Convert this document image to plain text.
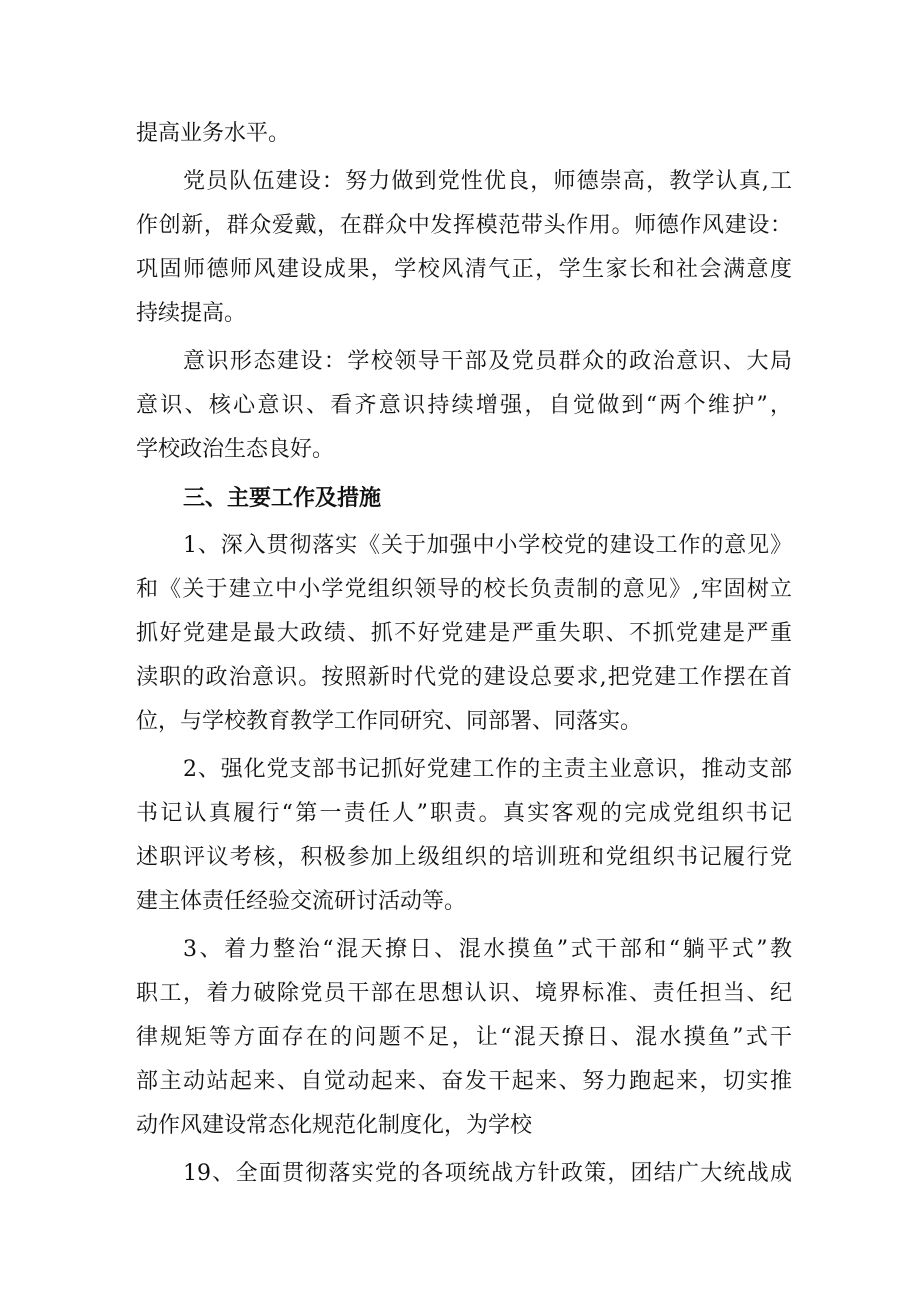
提高业务水平。
党员队伍建设：努力做到党性优良，师德崇高，教学认真,工
作创新，群众爱戴，在群众中发挥模范带头作用。师德作风建设：
巩固师德师风建设成果，学校风清气正，学生家长和社会满意度
持续提高。
意识形态建设：学校领导干部及党员群众的政治意识、大局
意识、核心意识、看齐意识持续增强，自觉做到“两个维护”，
学校政治生态良好。
三、主要工作及措施
1、深入贯彻落实《关于加强中小学校党的建设工作的意见》
和《关于建立中小学党组织领导的校长负责制的意见》,牢固树立
抓好党建是最大政绩、抓不好党建是严重失职、不抓党建是严重
渎职的政治意识。按照新时代党的建设总要求,把党建工作摆在首
位，与学校教育教学工作同研究、同部署、同落实。
2、强化党支部书记抓好党建工作的主责主业意识，推动支部
书记认真履行“第一责任人”职责。真实客观的完成党组织书记
述职评议考核，积极参加上级组织的培训班和党组织书记履行党
建主体责任经验交流研讨活动等。
3、着力整治“混天撩日、混水摸鱼”式干部和“躺平式”教
职工，着力破除党员干部在思想认识、境界标准、责任担当、纪
律规矩等方面存在的问题不足，让“混天撩日、混水摸鱼”式干
部主动站起来、自觉动起来、奋发干起来、努力跑起来，切实推
动作风建设常态化规范化制度化，为学校
19、全面贯彻落实党的各项统战方针政策，团结广大统战成
